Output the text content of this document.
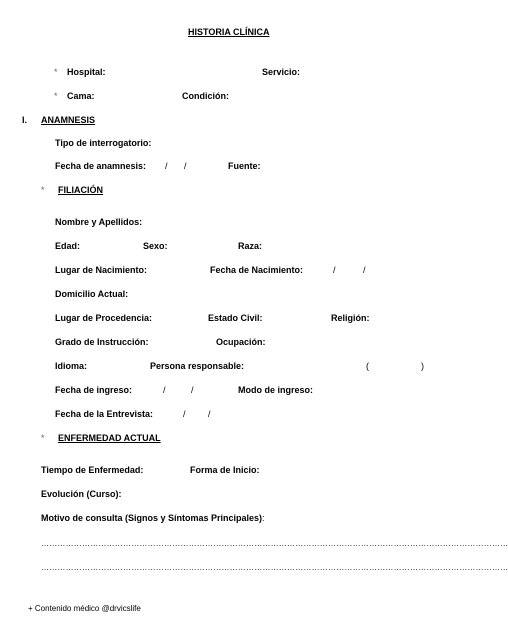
HISTORIA CLÍNICA
* Hospital:	Servicio:
* Cama:	Condición:
I. ANAMNESIS
Tipo de interrogatorio:
Fecha de anamnesis: / /	Fuente:
* FILIACIÓN
Nombre y Apellidos:
Edad:	Sexo:	Raza:
Lugar de Nacimiento:	Fecha de Nacimiento:	/	/
Domicilio Actual:
Lugar de Procedencia:	Estado Civil:	Religión:
Grado de Instrucción:	Ocupación:
Idioma:	Persona responsable:	(	)
Fecha de ingreso:	/	/	Modo de ingreso:
Fecha de la Entrevista:	/ /
* ENFERMEDAD ACTUAL
Tiempo de Enfermedad:	Forma de Inicio:
Evolución (Curso):
Motivo de consulta (Signos y Síntomas Principales):
………………………………………………………………………………………………………………………………………………………
………………………………………………………………………………………………………………………………………………………
+ Contenido médico @drvicslife
